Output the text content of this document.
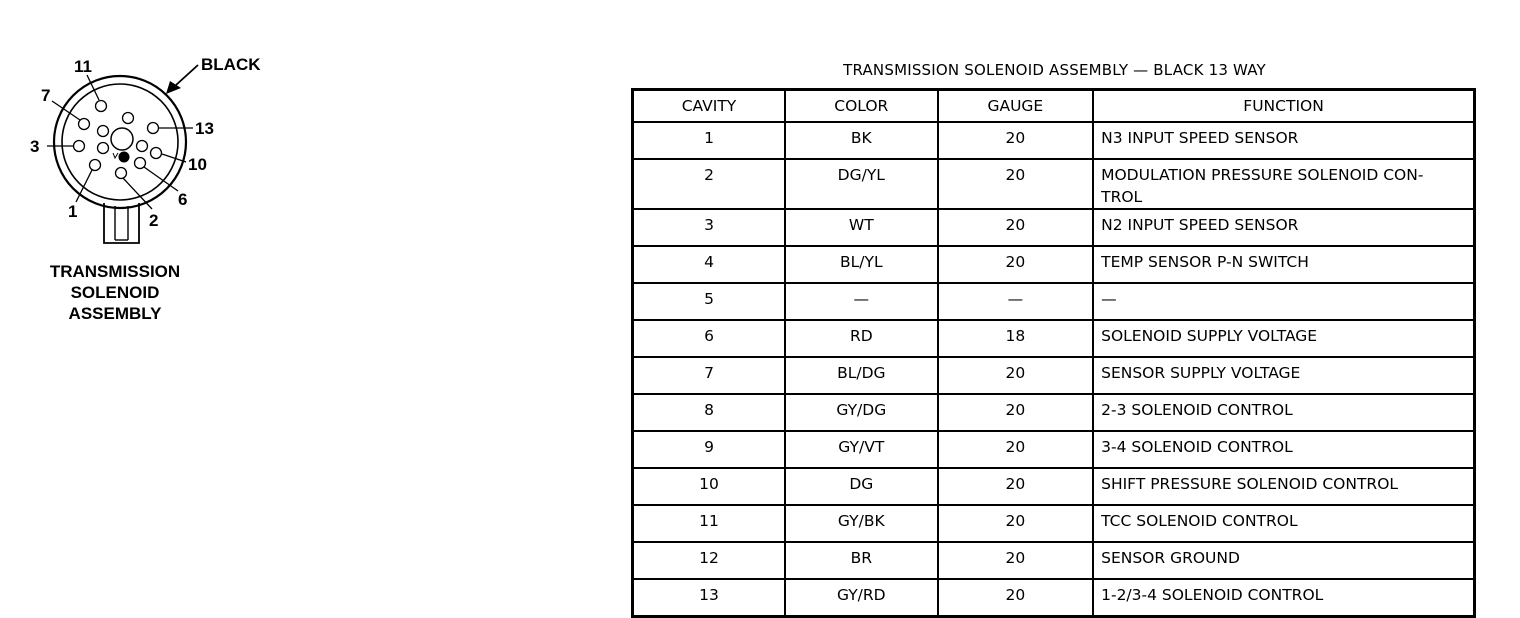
BLACK
11
7
3
1	2
6
10
13
TRANSMISSION
SOLENOID
ASSEMBLY
TRANSMISSION SOLENOID ASSEMBLY — BLACK 13 WAY
CAVITY	COLOR	GAUGE	FUNCTION
1	BK	20	N3 INPUT SPEED SENSOR
2	DG/YL	20	MODULATION PRESSURE SOLENOID CON-TROL
3	WT	20	N2 INPUT SPEED SENSOR
4	BL/YL	20	TEMP SENSOR P-N SWITCH
5	—	—	—
6	RD	18	SOLENOID SUPPLY VOLTAGE
7	BL/DG	20	SENSOR SUPPLY VOLTAGE
8	GY/DG	20	2-3 SOLENOID CONTROL
9	GY/VT	20	3-4 SOLENOID CONTROL
10	DG	20	SHIFT PRESSURE SOLENOID CONTROL
11	GY/BK	20	TCC SOLENOID CONTROL
12	BR	20	SENSOR GROUND
13	GY/RD	20	1-2/3-4 SOLENOID CONTROL
